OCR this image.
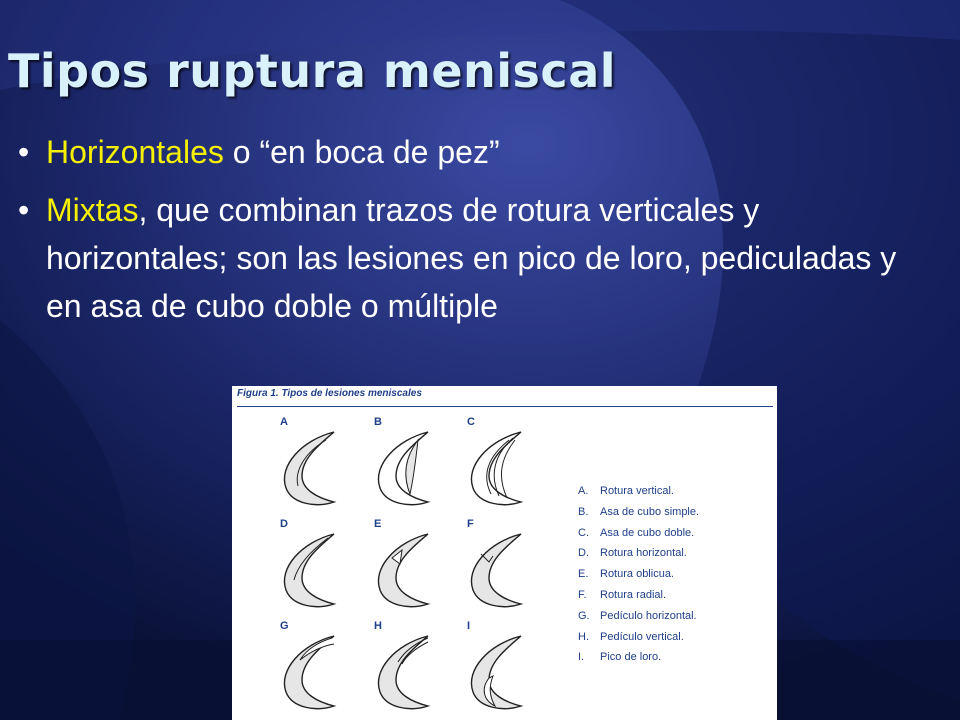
Tipos ruptura meniscal
• Horizontales o “en boca de pez”
• Mixtas, que combinan trazos de rotura verticales y horizontales; son las lesiones en pico de loro, pediculadas y en asa de cubo doble o múltiple
Figura 1. Tipos de lesiones meniscales
A	B	C
D	E	F
G	H	I
A. Rotura vertical.
B. Asa de cubo simple.
C. Asa de cubo doble.
D. Rotura horizontal.
E. Rotura oblicua.
F. Rotura radial.
G. Pedículo horizontal.
H. Pedículo vertical.
I. Pico de loro.
